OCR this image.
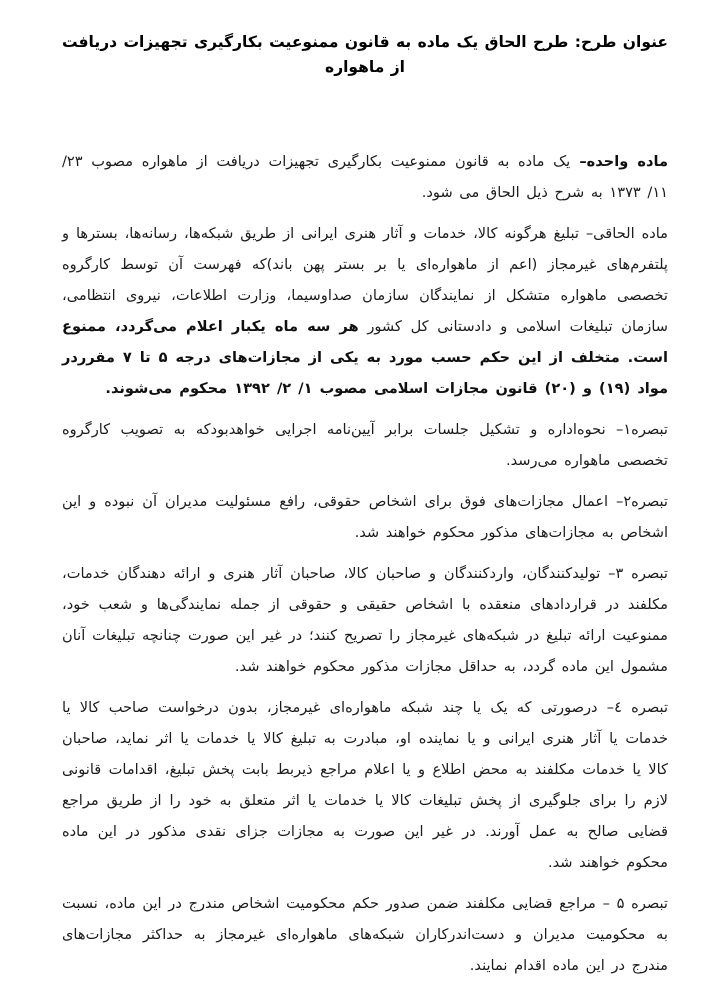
عنوان طرح: طرح الحاق یک ماده به قانون ممنوعیت بکارگیری تجهیزات دریافت از ماهواره

ماده واحده– یک ماده به قانون ممنوعیت بکارگیری تجهیزات دریافت از ماهواره مصوب ۲۳/ ۱۱/ ۱۳۷۳ به شرح ذیل الحاق می شود.

ماده الحاقی– تبلیغ هرگونه کالا، خدمات و آثار هنری ایرانی از طریق شبکه‌ها، رسانه‌ها، بسترها و پلتفرم‌های غیرمجاز (اعم از ماهواره‌ای یا بر بستر پهن باند)که فهرست آن توسط کارگروه تخصصی ماهواره متشکل از نمایندگان سازمان صداوسیما، وزارت اطلاعات، نیروی انتظامی، سازمان تبلیغات اسلامی و دادستانی کل کشور هر سه ماه یکبار اعلام می‌گردد، ممنوع است. متخلف از این حکم حسب مورد به یکی از مجازات‌های درجه ۵ تا ۷ مقرردر مواد (۱۹) و (۲۰) قانون مجازات اسلامی مصوب ۱/ ۲/ ۱۳۹۲ محکوم می‌شوند.

تبصره۱– نحوه‌اداره و تشکیل جلسات برابر آیین‌نامه اجرایی خواهدبودکه به تصویب کارگروه تخصصی ماهواره می‌رسد.

تبصره۲– اعمال مجازات‌های فوق برای اشخاص حقوقی، رافع مسئولیت مدیران آن نبوده و این اشخاص به مجازات‌های مذکور محکوم خواهند شد.

تبصره ۳– تولیدکنندگان، واردکنندگان و صاحبان کالا، صاحبان آثار هنری و ارائه دهندگان خدمات، مکلفند در قراردادهای منعقده با اشخاص حقیقی و حقوقی از جمله نمایندگی‌ها و شعب خود، ممنوعیت ارائه تبلیغ در شبکه‌های غیرمجاز را تصریح کنند؛ در غیر این صورت چنانچه تبلیغات آنان مشمول این ماده گردد، به حداقل مجازات مذکور محکوم خواهند شد.

تبصره ٤– درصورتی که یک یا چند شبکه ماهواره‌ای غیرمجاز، بدون درخواست صاحب کالا یا خدمات یا آثار هنری ایرانی و یا نماینده او، مبادرت به تبلیغ کالا یا خدمات یا اثر نماید، صاحبان کالا یا خدمات مکلفند به محض اطلاع و یا اعلام مراجع ذیربط بابت پخش تبلیغ، اقدامات قانونی لازم را برای جلوگیری از پخش تبلیغات کالا یا خدمات یا اثر متعلق به خود را از طریق مراجع قضایی صالح به عمل آورند. در غیر این صورت به مجازات جزای نقدی مذکور در این ماده محکوم خواهند شد.

تبصره ۵ – مراجع قضایی مکلفند ضمن صدور حکم محکومیت اشخاص مندرج در این ماده، نسبت به محکومیت مدیران و دست‌اندرکاران شبکه‌های ماهواره‌ای غیرمجاز به حداکثر مجازات‌های مندرج در این ماده اقدام نمایند.
